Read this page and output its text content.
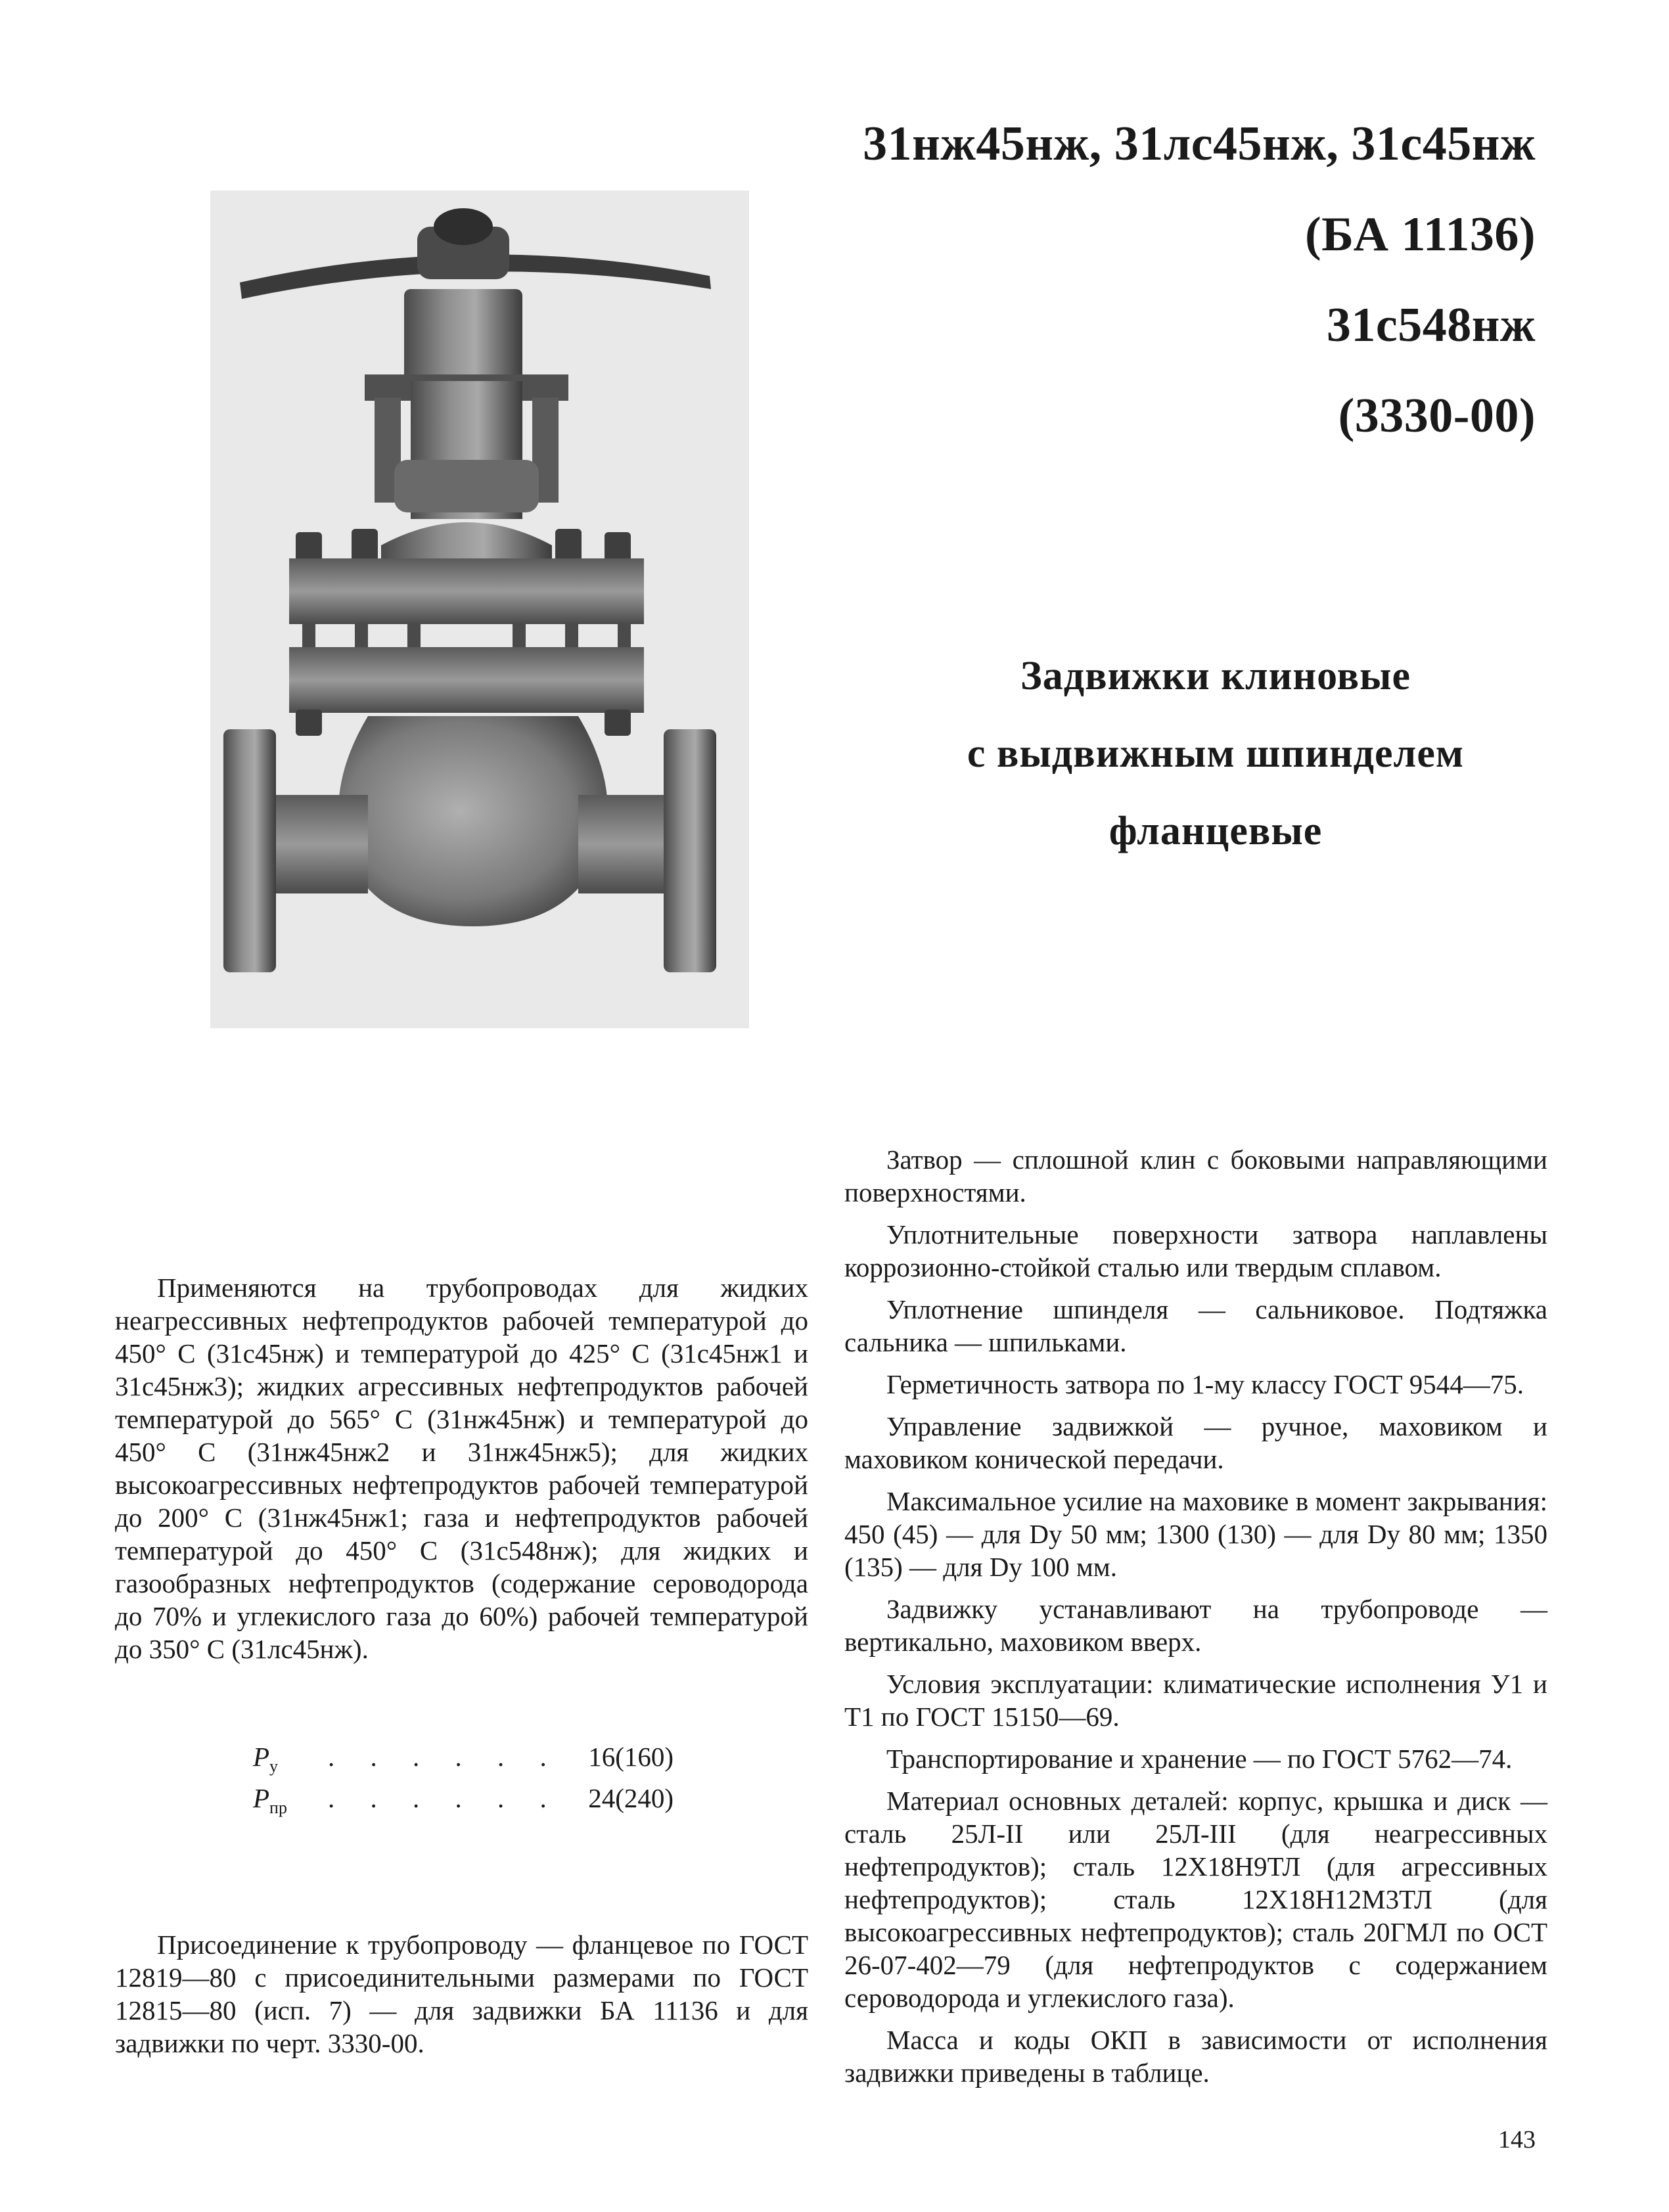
31нж45нж, 31лс45нж, 31с45нж
(БА 11136)
31с548нж
(3330-00)
Задвижки клиновые
с выдвижным шпинделем
фланцевые

Применяются на трубопроводах для жидких неагрессивных нефтепродуктов рабочей температурой до 450° С (31с45нж) и температурой до 425° С (31с45нж1 и 31с45нж3); жидких агрессивных нефтепродуктов рабочей температурой до 565° С (31нж45нж) и температурой до 450° С (31нж45нж2 и 31нж45нж5); для жидких высокоагрессивных нефтепродуктов рабочей температурой до 200° С (31нж45нж1; газа и нефтепродуктов рабочей температурой до 450° С (31с548нж); для жидких и газообразных нефтепродуктов (содержание сероводорода до 70% и углекислого газа до 60%) рабочей температурой до 350° С (31лс45нж).

$P_у$	. . . . . .	16(160)
$P_{пр}$	. . . . . .	24(240)

Присоединение к трубопроводу — фланцевое по ГОСТ 12819—80 с присоединительными размерами по ГОСТ 12815—80 (исп. 7) — для задвижки БА 11136 и для задвижки по черт. 3330-00.

Затвор — сплошной клин с боковыми направляющими поверхностями.

Уплотнительные поверхности затвора наплавлены коррозионно-стойкой сталью или твердым сплавом.

Уплотнение шпинделя — сальниковое. Подтяжка сальника — шпильками.

Герметичность затвора по 1-му классу ГОСТ 9544—75.

Управление задвижкой — ручное, маховиком и маховиком конической передачи.

Максимальное усилие на маховике в момент закрывания: 450 (45) — для Dу 50 мм; 1300 (130) — для Dу 80 мм; 1350 (135) — для Dу 100 мм.

Задвижку устанавливают на трубопроводе — вертикально, маховиком вверх.

Условия эксплуатации: климатические исполнения У1 и Т1 по ГОСТ 15150—69.

Транспортирование и хранение — по ГОСТ 5762—74.

Материал основных деталей: корпус, крышка и диск — сталь 25Л-II или 25Л-III (для неагрессивных нефтепродуктов); сталь 12Х18Н9ТЛ (для агрессивных нефтепродуктов); сталь 12Х18Н12М3ТЛ (для высокоагрессивных нефтепродуктов); сталь 20ГМЛ по ОСТ 26-07-402—79 (для нефтепродуктов с содержанием сероводорода и углекислого газа).

Масса и коды ОКП в зависимости от исполнения задвижки приведены в таблице.

143
